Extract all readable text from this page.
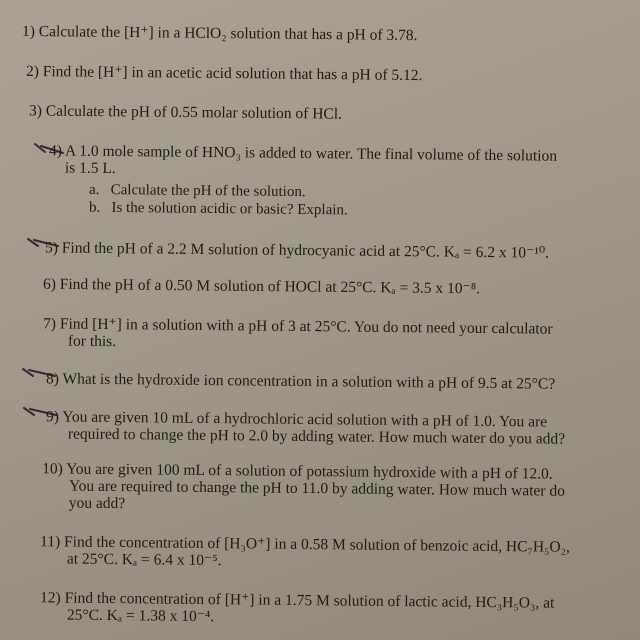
1) Calculate the [H⁺] in a HClO₂ solution that has a pH of 3.78.
2) Find the [H⁺] in an acetic acid solution that has a pH of 5.12.
3) Calculate the pH of 0.55 molar solution of HCl.
4) A 1.0 mole sample of HNO₃ is added to water. The final volume of the solution
is 1.5 L.
a. Calculate the pH of the solution.
b. Is the solution acidic or basic? Explain.
5) Find the pH of a 2.2 M solution of hydrocyanic acid at 25°C. Kₐ = 6.2 x 10⁻¹⁰.
6) Find the pH of a 0.50 M solution of HOCl at 25°C. Kₐ = 3.5 x 10⁻⁸.
7) Find [H⁺] in a solution with a pH of 3 at 25°C. You do not need your calculator
for this.
8) What is the hydroxide ion concentration in a solution with a pH of 9.5 at 25°C?
9) You are given 10 mL of a hydrochloric acid solution with a pH of 1.0. You are
required to change the pH to 2.0 by adding water. How much water do you add?
10) You are given 100 mL of a solution of potassium hydroxide with a pH of 12.0.
You are required to change the pH to 11.0 by adding water. How much water do
you add?
11) Find the concentration of [H₃O⁺] in a 0.58 M solution of benzoic acid, HC₇H₅O₂,
at 25°C. Kₐ = 6.4 x 10⁻⁵.
12) Find the concentration of [H⁺] in a 1.75 M solution of lactic acid, HC₃H₅O₃, at
25°C. Kₐ = 1.38 x 10⁻⁴.
